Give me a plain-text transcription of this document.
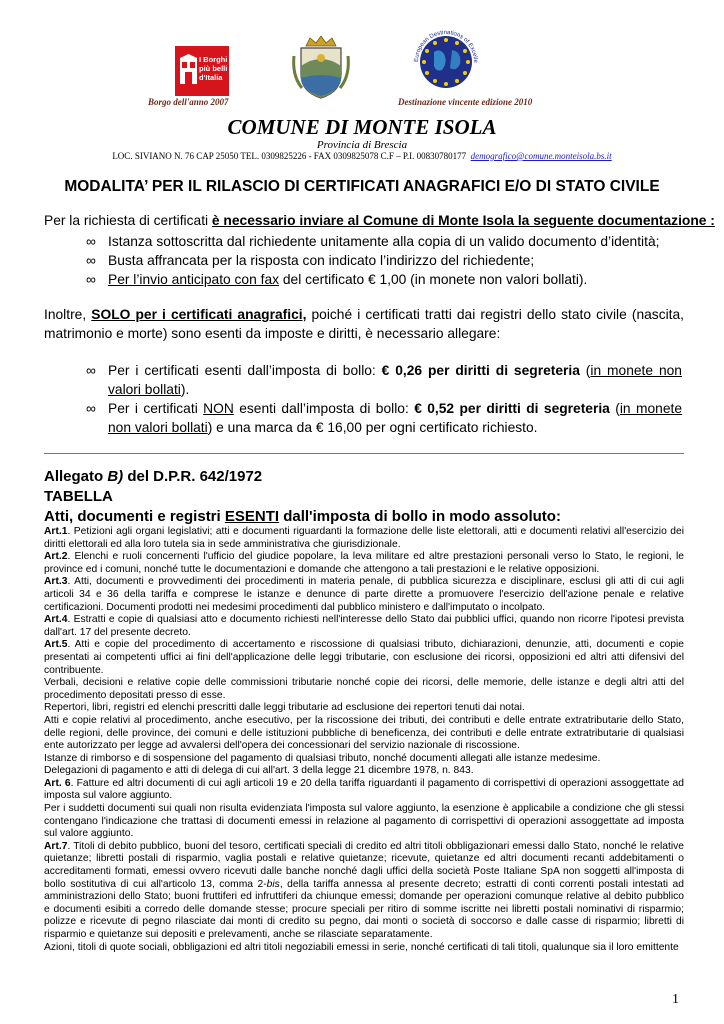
I Borghi
più belli
d'Italia
Borgo dell'anno 2007
European Destinations of Excelle
Destinazione vincente edizione 2010
COMUNE DI MONTE ISOLA
Provincia di Brescia
LOC. SIVIANO N. 76 CAP 25050 TEL. 0309825226 - FAX 0309825078 C.F – P.I. 00830780177 demografico@comune.monteisola.bs.it
MODALITA’ PER IL RILASCIO DI CERTIFICATI ANAGRAFICI E/O DI STATO CIVILE
Per la richiesta di certificati è necessario inviare al Comune di Monte Isola la seguente documentazione :
∞ Istanza sottoscritta dal richiedente unitamente alla copia di un valido documento d’identità;
∞ Busta affrancata per la risposta con indicato l’indirizzo del richiedente;
∞ Per l’invio anticipato con fax del certificato € 1,00 (in monete non valori bollati).
Inoltre, SOLO per i certificati anagrafici, poiché i certificati tratti dai registri dello stato civile (nascita, matrimonio e morte) sono esenti da imposte e diritti, è necessario allegare:
∞ Per i certificati esenti dall’imposta di bollo: € 0,26 per diritti di segreteria (in monete non valori bollati).
∞ Per i certificati NON esenti dall’imposta di bollo: € 0,52 per diritti di segreteria (in monete non valori bollati) e una marca da € 16,00 per ogni certificato richiesto.
Allegato B) del D.P.R. 642/1972
TABELLA
Atti, documenti e registri ESENTI dall'imposta di bollo in modo assoluto:

Art.1. Petizioni agli organi legislativi; atti e documenti riguardanti la formazione delle liste elettorali, atti e documenti relativi all'esercizio dei diritti elettorali ed alla loro tutela sia in sede amministrativa che giurisdizionale.

Art.2. Elenchi e ruoli concernenti l'ufficio del giudice popolare, la leva militare ed altre prestazioni personali verso lo Stato, le regioni, le province ed i comuni, nonché tutte le documentazioni e domande che attengono a tali prestazioni e le relative opposizioni.

Art.3. Atti, documenti e provvedimenti dei procedimenti in materia penale, di pubblica sicurezza e disciplinare, esclusi gli atti di cui agli articoli 34 e 36 della tariffa e comprese le istanze e denunce di parte dirette a promuovere l'esercizio dell'azione penale e relative certificazioni. Documenti prodotti nei medesimi procedimenti dal pubblico ministero e dall'imputato o incolpato.

Art.4. Estratti e copie di qualsiasi atto e documento richiesti nell'interesse dello Stato dai pubblici uffici, quando non ricorre l'ipotesi prevista dall'art. 17 del presente decreto.

Art.5. Atti e copie del procedimento di accertamento e riscossione di qualsiasi tributo, dichiarazioni, denunzie, atti, documenti e copie presentati ai competenti uffici ai fini dell'applicazione delle leggi tributarie, con esclusione dei ricorsi, opposizioni ed altri atti difensivi del contribuente.

Verbali, decisioni e relative copie delle commissioni tributarie nonché copie dei ricorsi, delle memorie, delle istanze e degli altri atti del procedimento depositati presso di esse.

Repertori, libri, registri ed elenchi prescritti dalle leggi tributarie ad esclusione dei repertori tenuti dai notai.

Atti e copie relativi al procedimento, anche esecutivo, per la riscossione dei tributi, dei contributi e delle entrate extratributarie dello Stato, delle regioni, delle province, dei comuni e delle istituzioni pubbliche di beneficenza, dei contributi e delle entrate extratributarie di qualsiasi ente autorizzato per legge ad avvalersi dell'opera dei concessionari del servizio nazionale di riscossione.

Istanze di rimborso e di sospensione del pagamento di qualsiasi tributo, nonché documenti allegati alle istanze medesime.

Delegazioni di pagamento e atti di delega di cui all'art. 3 della legge 21 dicembre 1978, n. 843.

Art. 6. Fatture ed altri documenti di cui agli articoli 19 e 20 della tariffa riguardanti il pagamento di corrispettivi di operazioni assoggettate ad imposta sul valore aggiunto.

Per i suddetti documenti sui quali non risulta evidenziata l'imposta sul valore aggiunto, la esenzione è applicabile a condizione che gli stessi contengano l'indicazione che trattasi di documenti emessi in relazione al pagamento di corrispettivi di operazioni assoggettate ad imposta sul valore aggiunto.

Art.7. Titoli di debito pubblico, buoni del tesoro, certificati speciali di credito ed altri titoli obbligazionari emessi dallo Stato, nonché le relative quietanze; libretti postali di risparmio, vaglia postali e relative quietanze; ricevute, quietanze ed altri documenti recanti addebitamenti o accreditamenti formati, emessi ovvero ricevuti dalle banche nonché dagli uffici della società Poste Italiane SpA non soggetti all'imposta di bollo sostitutiva di cui all'articolo 13, comma 2-bis, della tariffa annessa al presente decreto; estratti di conti correnti postali intestati ad amministrazioni dello Stato; buoni fruttiferi ed infruttiferi da chiunque emessi; domande per operazioni comunque relative al debito pubblico e documenti esibiti a corredo delle domande stesse; procure speciali per ritiro di somme iscritte nei libretti postali nominativi di risparmio; polizze e ricevute di pegno rilasciate dai monti di credito su pegno, dai monti o società di soccorso e dalle casse di risparmio; libretti di risparmio e quietanze sui depositi e prelevamenti, anche se rilasciate separatamente.

Azioni, titoli di quote sociali, obbligazioni ed altri titoli negoziabili emessi in serie, nonché certificati di tali titoli, qualunque sia il loro emittente

1
